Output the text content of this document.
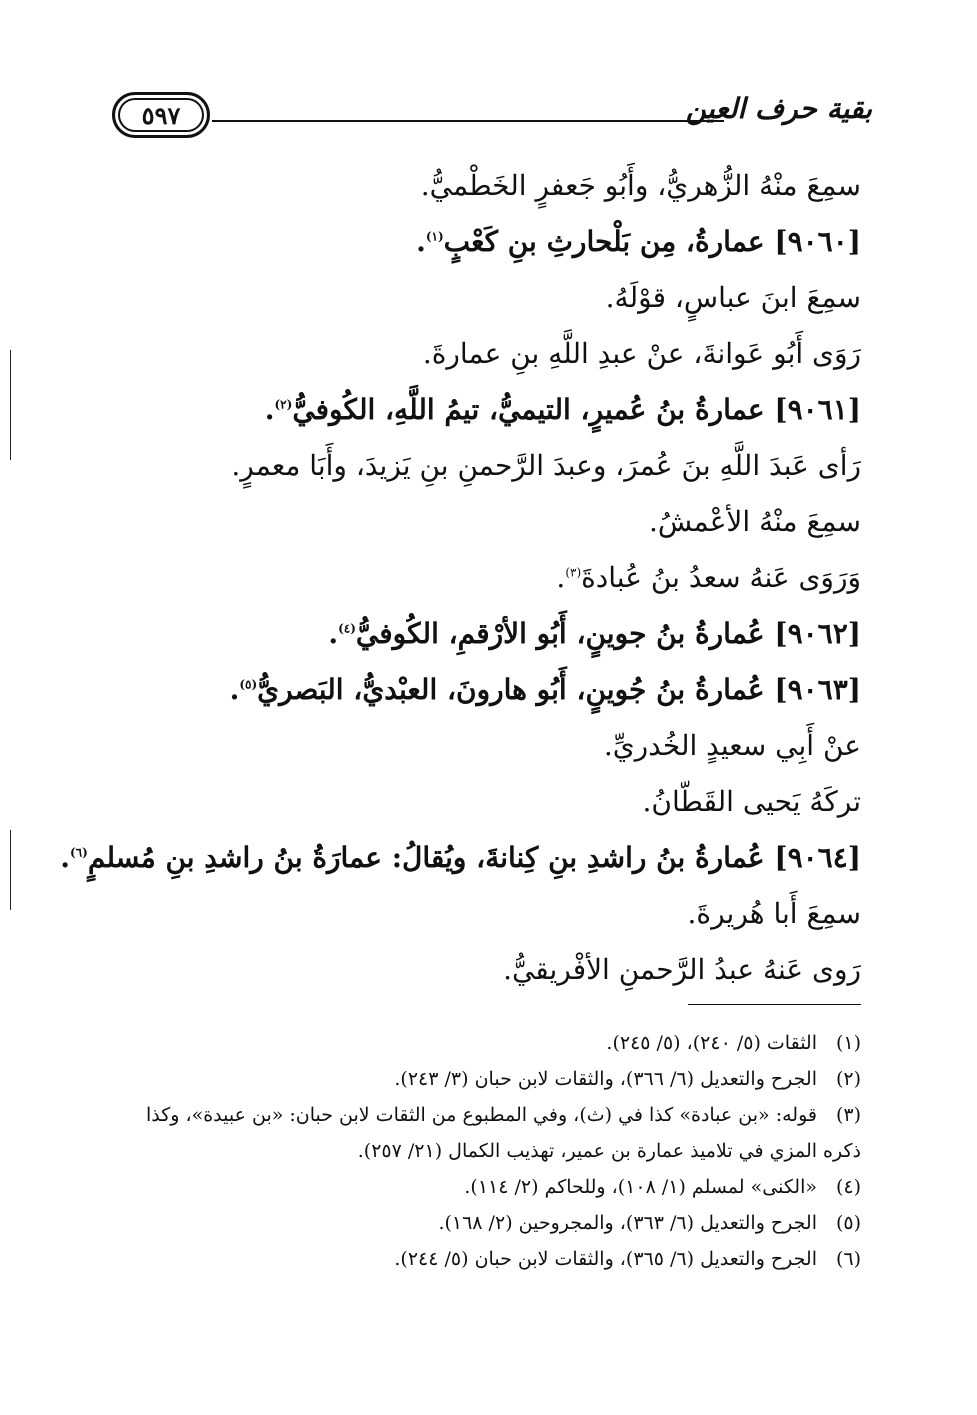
٥٩٧	بقية حرف العين
سمِعَ منْهُ الزُّهريُّ، وأَبُو جَعفرٍ الخَطْميُّ.
[٩٠٦٠] عمارةُ، مِن بَلْحارثِ بنِ كَعْبٍ$^{(١)}$.
سمِعَ ابنَ عباسٍ، قوْلَهُ.
رَوَى أَبُو عَوانةَ، عنْ عبدِ اللَّهِ بنِ عمارةَ.
[٩٠٦١] عمارةُ بنُ عُميرٍ، التيميُّ، تيمُ اللَّهِ، الكُوفيُّ$^{(٢)}$.
رَأى عَبدَ اللَّهِ بنَ عُمرَ، وعبدَ الرَّحمنِ بنِ يَزيدَ، وأَبَا معمرٍ.
سمِعَ منْهُ الأعْمشُ.
وَرَوَى عَنهُ سعدُ بنُ عُبادةَ$^{(٣)}$.
[٩٠٦٢] عُمارةُ بنُ جوينٍ، أَبُو الأرْقمِ، الكُوفيُّ$^{(٤)}$.
[٩٠٦٣] عُمارةُ بنُ جُوينٍ، أَبُو هارونَ، العبْديُّ، البَصريُّ$^{(٥)}$.
عنْ أَبِي سعيدٍ الخُدريِّ.
تركَهُ يَحيى القَطّانُ.
[٩٠٦٤] عُمارةُ بنُ راشدِ بنِ كِنانةَ، ويُقالُ: عمارَةُ بنُ راشدِ بنِ مُسلمٍ$^{(٦)}$.
سمِعَ أَبا هُريرةَ.
رَوى عَنهُ عبدُ الرَّحمنِ الأفْريقيُّ.
(١)الثقات (٥/ ٢٤٠)، (٥/ ٢٤٥).
(٢)الجرح والتعديل (٦/ ٣٦٦)، والثقات لابن حبان (٣/ ٢٤٣).
(٣)قوله: «بن عبادة» كذا في (ث)، وفي المطبوع من الثقات لابن حبان: «بن عبيدة»، وكذا
ذكره المزي في تلاميذ عمارة بن عمير، تهذيب الكمال (٢١/ ٢٥٧).
(٤)«الكنى» لمسلم (١/ ١٠٨)، وللحاكم (٢/ ١١٤).
(٥)الجرح والتعديل (٦/ ٣٦٣)، والمجروحين (٢/ ١٦٨).
(٦)الجرح والتعديل (٦/ ٣٦٥)، والثقات لابن حبان (٥/ ٢٤٤).
